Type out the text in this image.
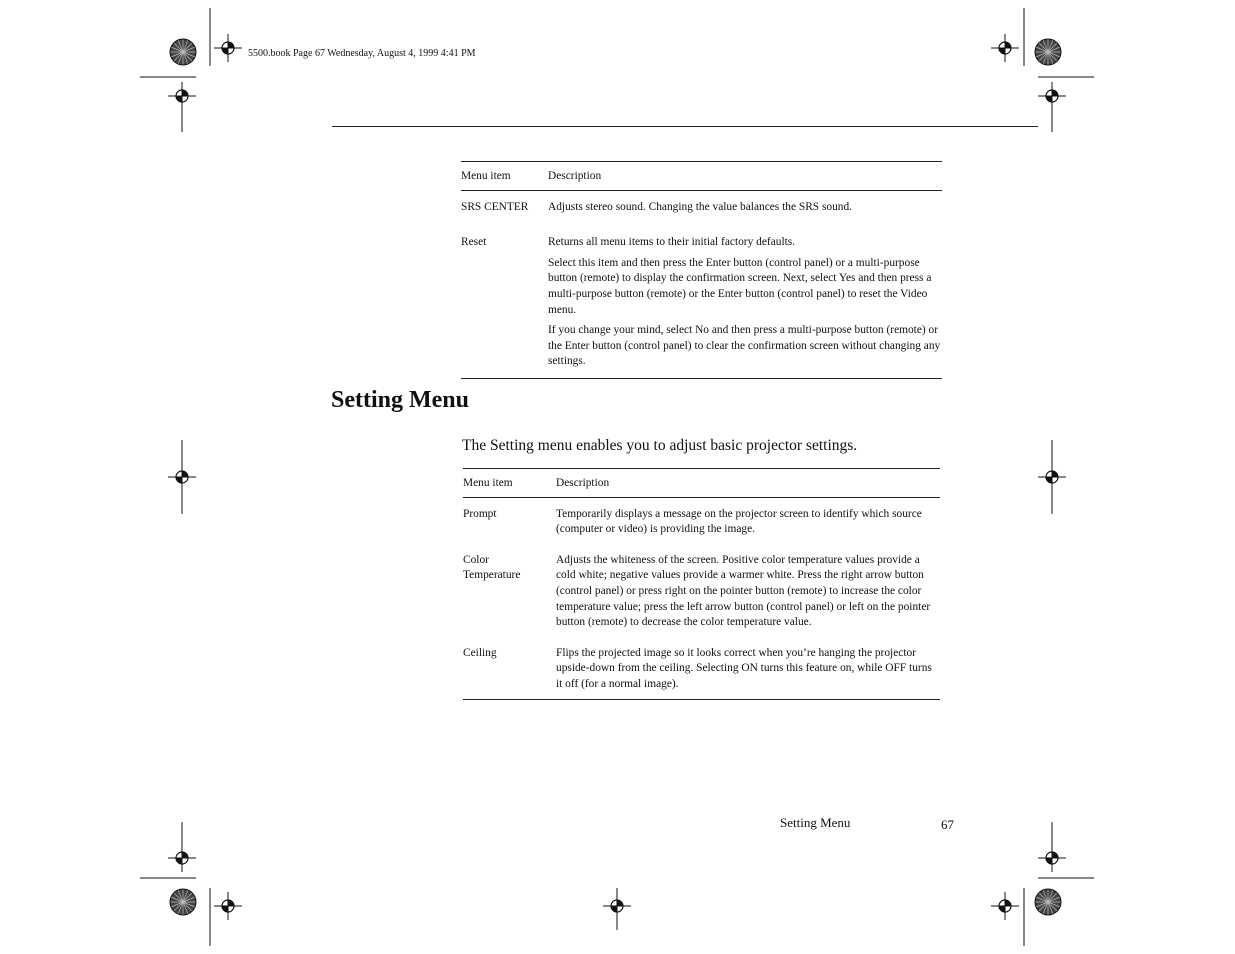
5500.book Page 67 Wednesday, August 4, 1999 4:41 PM
Menu item	Description
SRS CENTER	Adjusts stereo sound. Changing the value balances the SRS sound.

Reset	Returns all menu items to their initial factory defaults.

Select this item and then press the Enter button (control panel) or a multi-purpose button (remote) to display the confirmation screen. Next, select Yes and then press a multi-purpose button (remote) or the Enter button (control panel) to reset the Video menu.

If you change your mind, select No and then press a multi-purpose button (remote) or the Enter button (control panel) to clear the confirmation screen without changing any settings.

Setting Menu

The Setting menu enables you to adjust basic projector settings.

Menu item	Description
Prompt	Temporarily displays a message on the projector screen to identify which source (computer or video) is providing the image.
Color Temperature	Adjusts the whiteness of the screen. Positive color temperature values provide a cold white; negative values provide a warmer white. Press the right arrow button (control panel) or press right on the pointer button (remote) to increase the color temperature value; press the left arrow button (control panel) or left on the pointer button (remote) to decrease the color temperature value.
Ceiling	Flips the projected image so it looks correct when you’re hanging the projector upside-down from the ceiling. Selecting ON turns this feature on, while OFF turns it off (for a normal image).
Setting Menu	67
